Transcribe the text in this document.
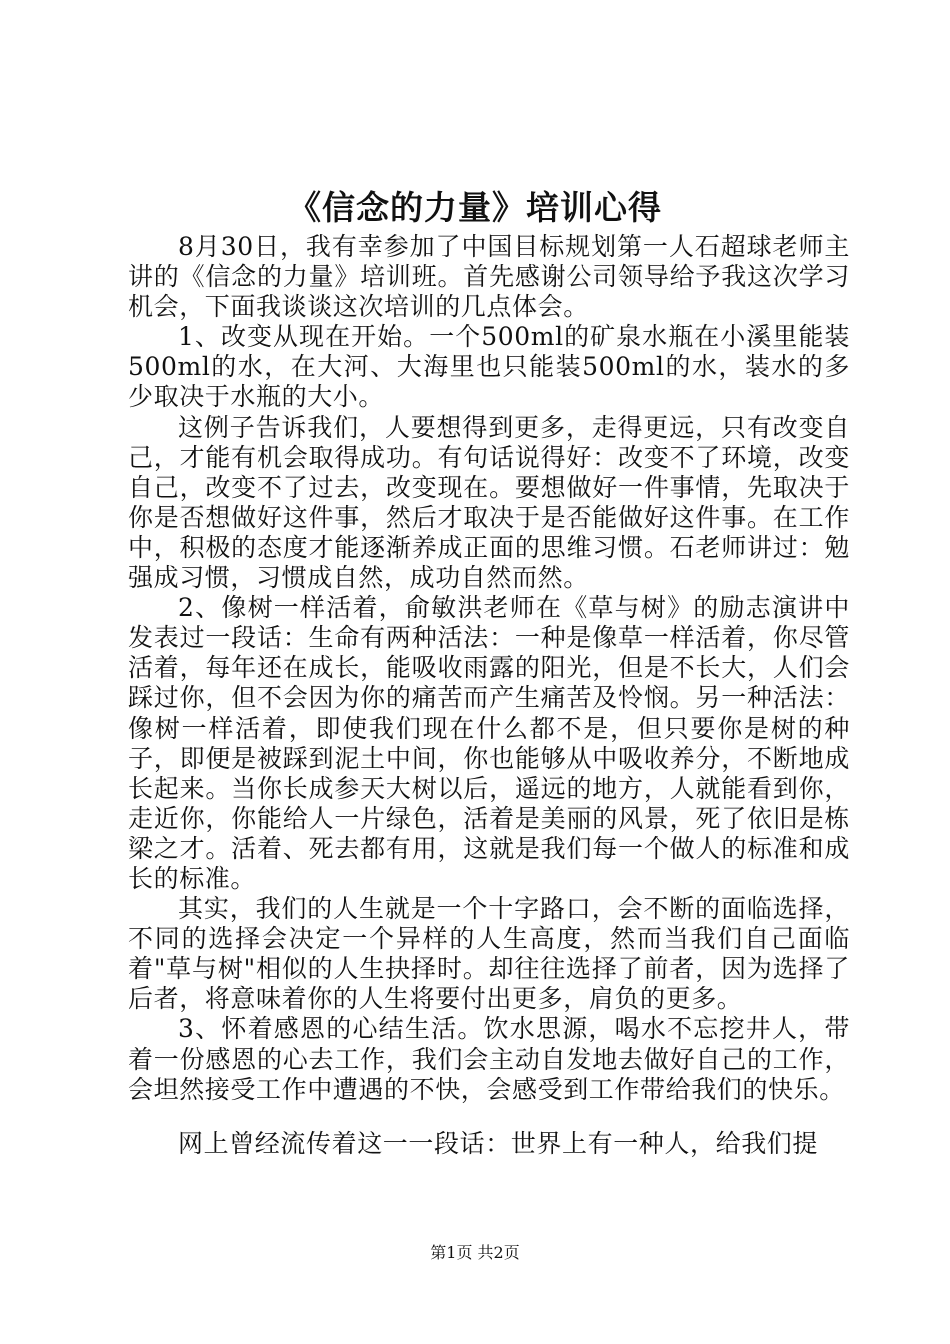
《信念的力量》培训心得

8月30日，我有幸参加了中国目标规划第一人石超球老师主讲的《信念的力量》培训班。首先感谢公司领导给予我这次学习机会，下面我谈谈这次培训的几点体会。

1、改变从现在开始。一个500ml的矿泉水瓶在小溪里能装500ml的水，在大河、大海里也只能装500ml的水，装水的多少取决于水瓶的大小。

这例子告诉我们，人要想得到更多，走得更远，只有改变自己，才能有机会取得成功。有句话说得好：改变不了环境，改变自己，改变不了过去，改变现在。要想做好一件事情，先取决于你是否想做好这件事，然后才取决于是否能做好这件事。在工作中，积极的态度才能逐渐养成正面的思维习惯。石老师讲过：勉强成习惯，习惯成自然，成功自然而然。

2、像树一样活着，俞敏洪老师在《草与树》的励志演讲中发表过一段话：生命有两种活法：一种是像草一样活着，你尽管活着，每年还在成长，能吸收雨露的阳光，但是不长大，人们会踩过你，但不会因为你的痛苦而产生痛苦及怜悯。另一种活法：像树一样活着，即使我们现在什么都不是，但只要你是树的种子，即便是被踩到泥土中间，你也能够从中吸收养分，不断地成长起来。当你长成参天大树以后，遥远的地方，人就能看到你，走近你，你能给人一片绿色，活着是美丽的风景，死了依旧是栋梁之才。活着、死去都有用，这就是我们每一个做人的标准和成长的标准。

其实，我们的人生就是一个十字路口，会不断的面临选择，不同的选择会决定一个异样的人生高度，然而当我们自己面临着"草与树"相似的人生抉择时。却往往选择了前者，因为选择了后者，将意味着你的人生将要付出更多，肩负的更多。

3、怀着感恩的心结生活。饮水思源，喝水不忘挖井人，带着一份感恩的心去工作，我们会主动自发地去做好自己的工作，会坦然接受工作中遭遇的不快，会感受到工作带给我们的快乐。

网上曾经流传着这一一段话：世界上有一种人，给我们提

第1页 共2页
